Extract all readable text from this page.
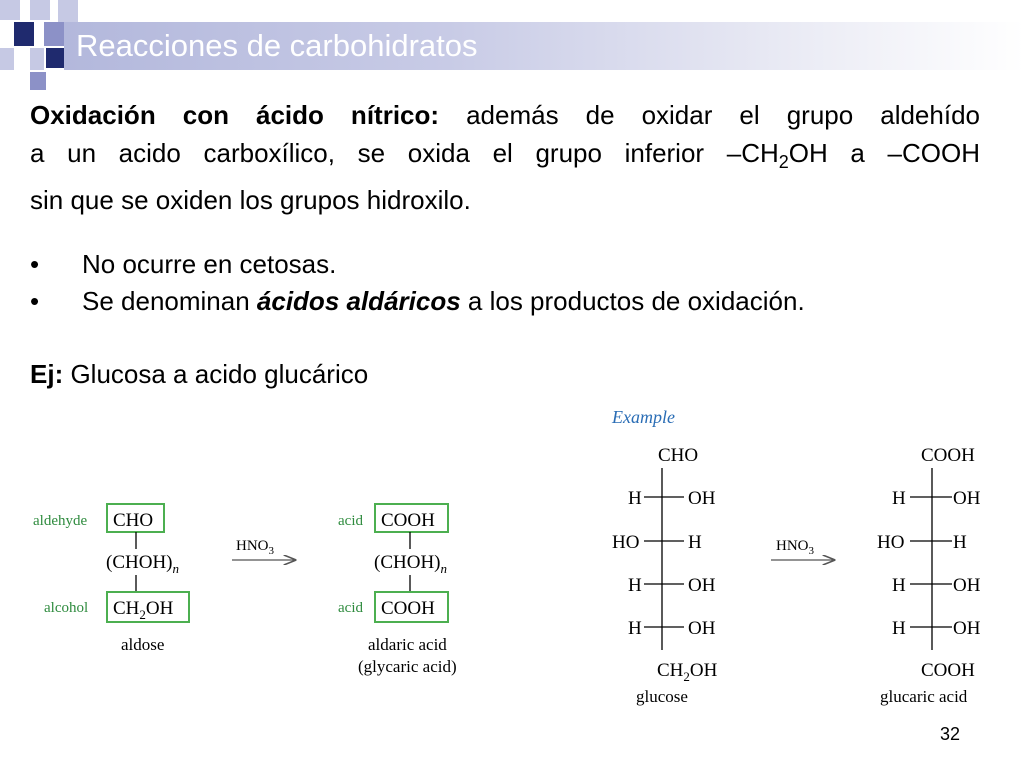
Reacciones de carbohidratos
Oxidación con ácido nítrico: además de oxidar el grupo aldehído
a un acido carboxílico, se oxida el grupo inferior $-CH_2OH$ a –COOH
sin que se oxiden los grupos hidroxilo.
• No ocurre en cetosas.
• Se denominan ácidos aldáricos a los productos de oxidación.
Ej: Glucosa a acido glucárico
aldehyde CHO
$(CHOH)_n$
alcohol $CH_2OH$
aldose
$HNO_3$
acid COOH
$(CHOH)_n$
acid COOH
aldaric acid
(glycaric acid)
Example
CHO
H OH
HO	H
H OH
H OH
$CH_2OH$
glucose
$HNO_3$
COOH
H OH
HO	H
H OH
H OH
COOH
glucaric acid
32
